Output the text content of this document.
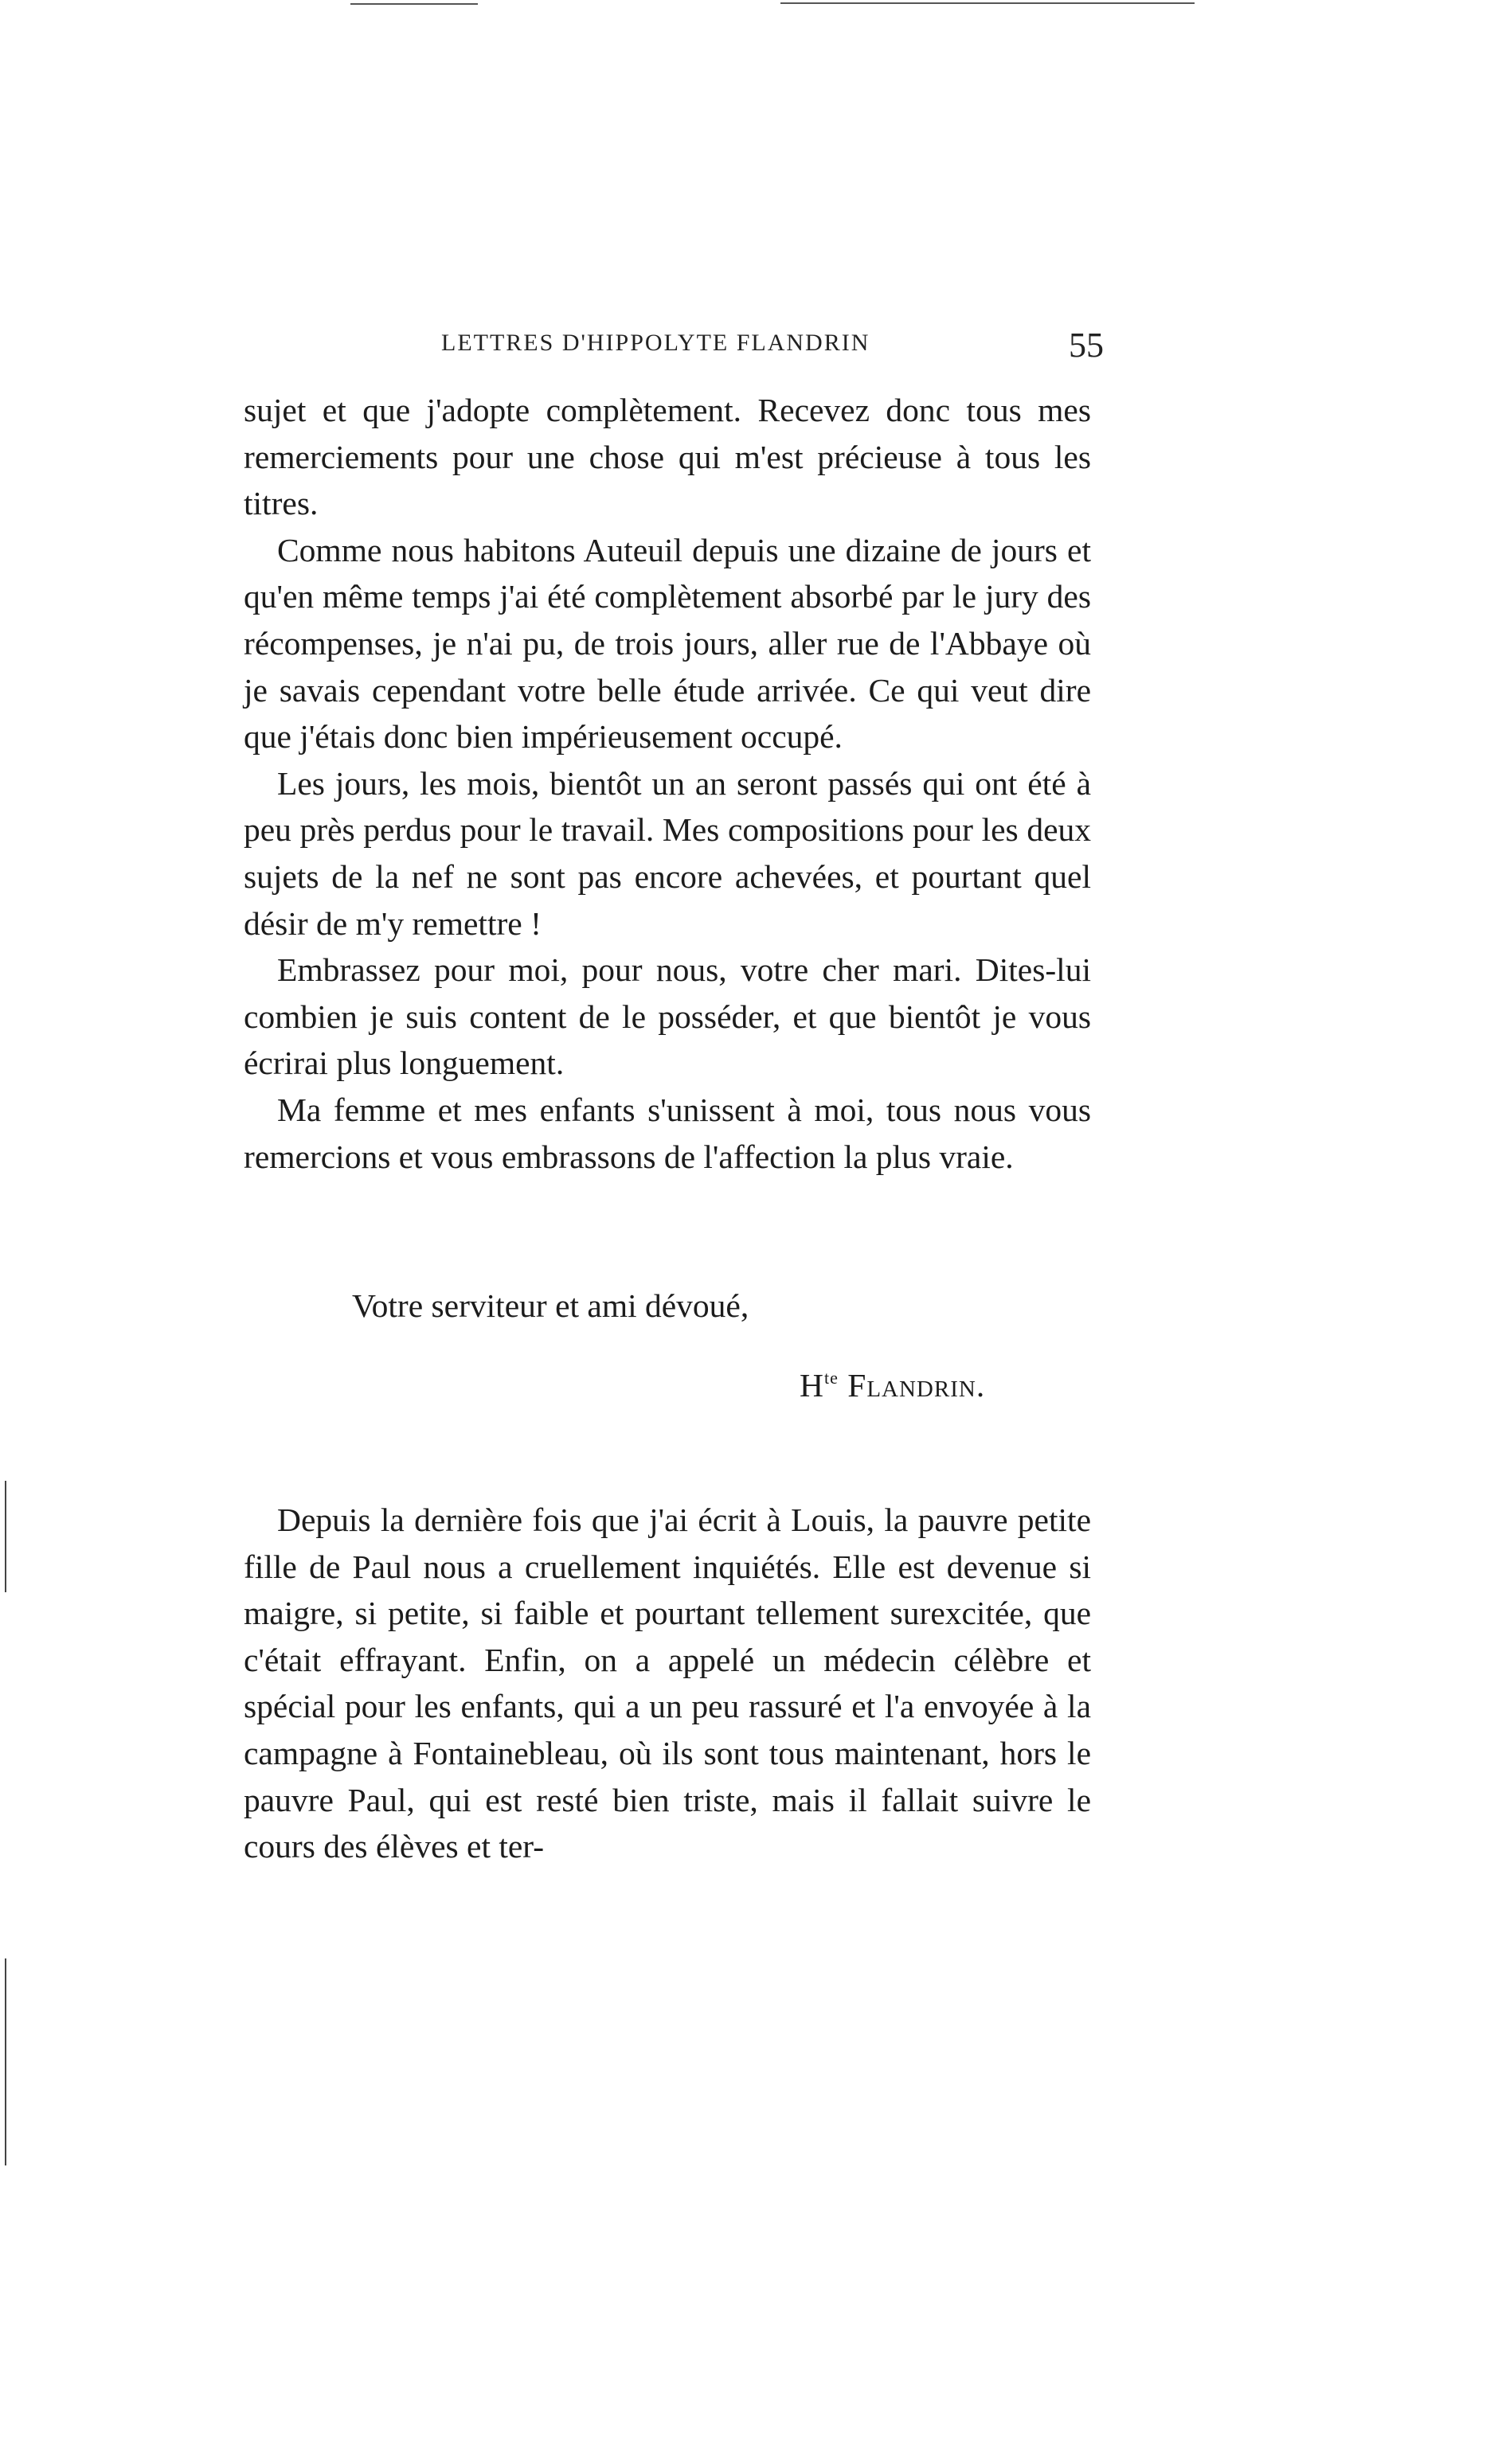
LETTRES D'HIPPOLYTE FLANDRIN	55

sujet et que j'adopte complètement. Recevez donc tous mes remerciements pour une chose qui m'est précieuse à tous les titres.

Comme nous habitons Auteuil depuis une dizaine de jours et qu'en même temps j'ai été complètement absorbé par le jury des récompenses, je n'ai pu, de trois jours, aller rue de l'Abbaye où je savais cependant votre belle étude arrivée. Ce qui veut dire que j'étais donc bien impérieusement occupé.

Les jours, les mois, bientôt un an seront passés qui ont été à peu près perdus pour le travail. Mes compositions pour les deux sujets de la nef ne sont pas encore achevées, et pourtant quel désir de m'y remettre !

Embrassez pour moi, pour nous, votre cher mari. Dites-lui combien je suis content de le posséder, et que bientôt je vous écrirai plus longuement.

Ma femme et mes enfants s'unissent à moi, tous nous vous remercions et vous embrassons de l'affection la plus vraie.

Votre serviteur et ami dévoué,
$H^{te}$ Flandrin.

Depuis la dernière fois que j'ai écrit à Louis, la pauvre petite fille de Paul nous a cruellement inquiétés. Elle est devenue si maigre, si petite, si faible et pourtant tellement surexcitée, que c'était effrayant. Enfin, on a appelé un médecin célèbre et spécial pour les enfants, qui a un peu rassuré et l'a envoyée à la campagne à Fontainebleau, où ils sont tous maintenant, hors le pauvre Paul, qui est resté bien triste, mais il fallait suivre le cours des élèves et ter-
